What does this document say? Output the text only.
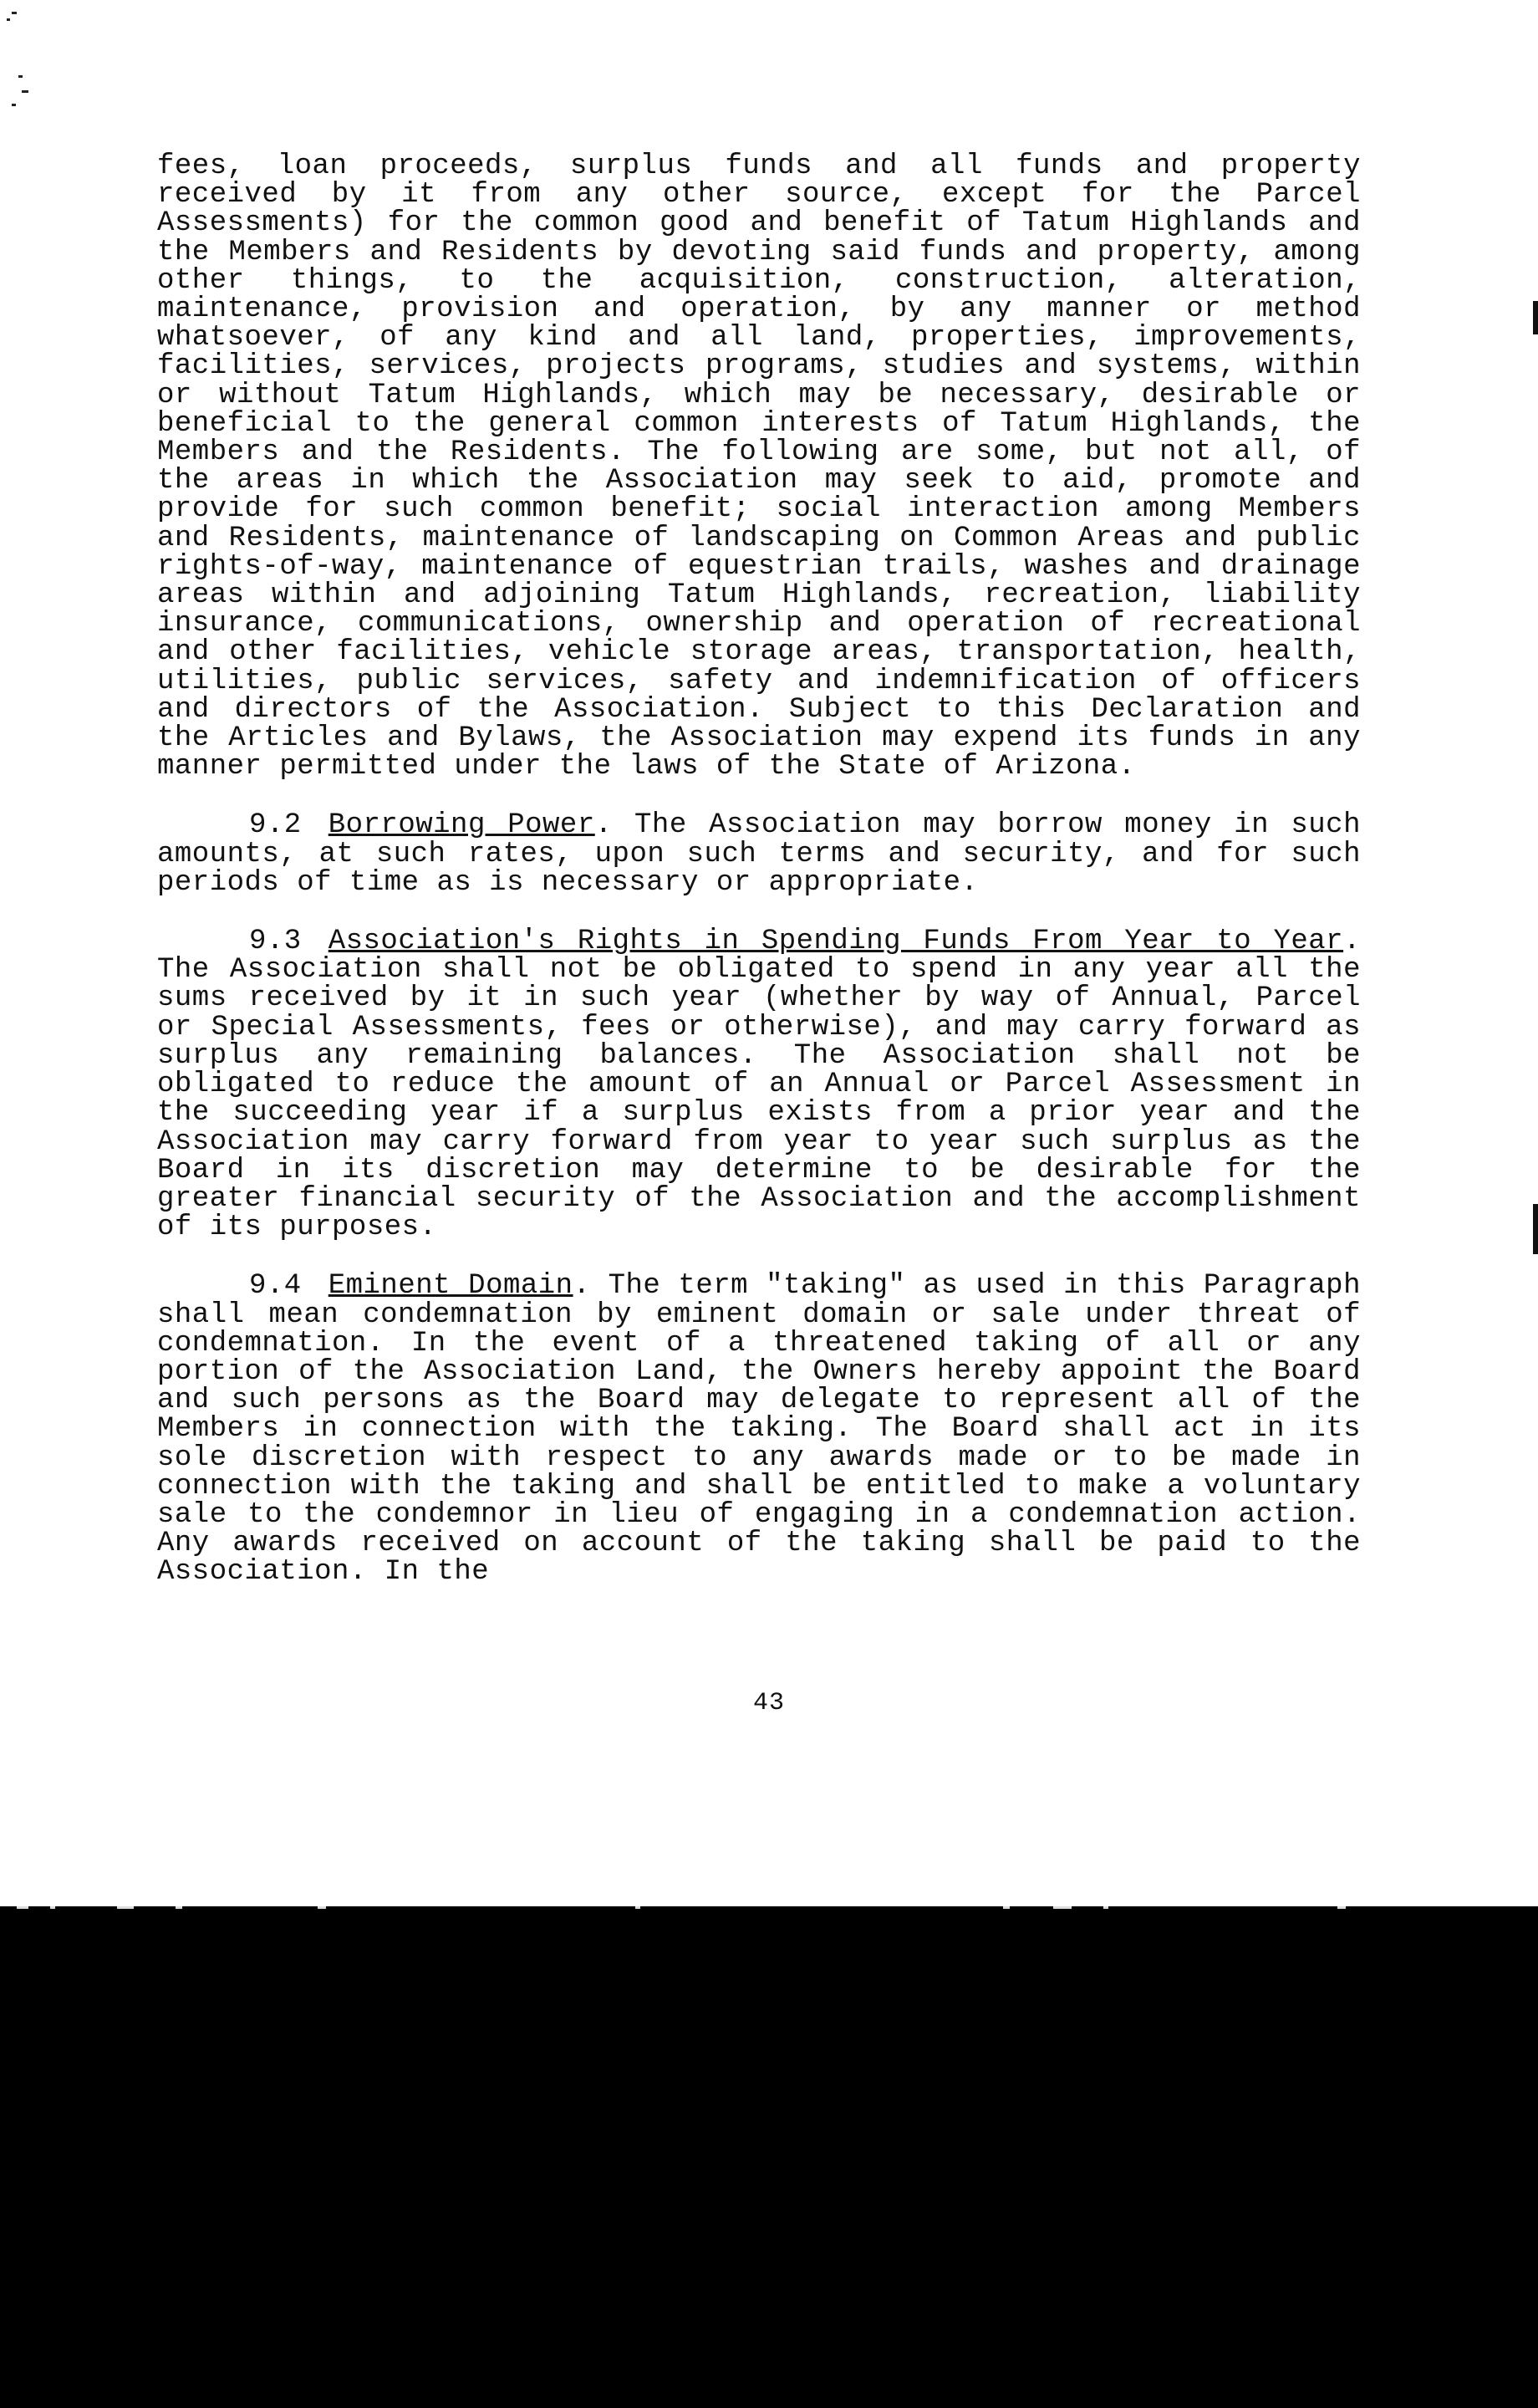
fees, loan proceeds, surplus funds and all funds and property received by it from any other source, except for the Parcel Assessments) for the common good and benefit of Tatum Highlands and the Members and Residents by devoting said funds and property, among other things, to the acquisition, construction, alteration, maintenance, provision and operation, by any manner or method whatsoever, of any kind and all land, properties, improvements, facilities, services, projects programs, studies and systems, within or without Tatum Highlands, which may be necessary, desirable or beneficial to the general common interests of Tatum Highlands, the Members and the Residents. The following are some, but not all, of the areas in which the Association may seek to aid, promote and provide for such common benefit; social interaction among Members and Residents, maintenance of landscaping on Common Areas and public rights-of-way, maintenance of equestrian trails, washes and drainage areas within and adjoining Tatum Highlands, recreation, liability insurance, communications, ownership and operation of recreational and other facilities, vehicle storage areas, transportation, health, utilities, public services, safety and indemnification of officers and directors of the Association. Subject to this Declaration and the Articles and Bylaws, the Association may expend its funds in any manner permitted under the laws of the State of Arizona.

9.2 Borrowing Power. The Association may borrow money in such amounts, at such rates, upon such terms and security, and for such periods of time as is necessary or appropriate.

9.3 Association's Rights in Spending Funds From Year to Year. The Association shall not be obligated to spend in any year all the sums received by it in such year (whether by way of Annual, Parcel or Special Assessments, fees or otherwise), and may carry forward as surplus any remaining balances. The Association shall not be obligated to reduce the amount of an Annual or Parcel Assessment in the succeeding year if a surplus exists from a prior year and the Association may carry forward from year to year such surplus as the Board in its discretion may determine to be desirable for the greater financial security of the Association and the accomplishment of its purposes.

9.4 Eminent Domain. The term "taking" as used in this Paragraph shall mean condemnation by eminent domain or sale under threat of condemnation. In the event of a threatened taking of all or any portion of the Association Land, the Owners hereby appoint the Board and such persons as the Board may delegate to represent all of the Members in connection with the taking. The Board shall act in its sole discretion with respect to any awards made or to be made in connection with the taking and shall be entitled to make a voluntary sale to the condemnor in lieu of engaging in a condemnation action. Any awards received on account of the taking shall be paid to the Association. In the

43
